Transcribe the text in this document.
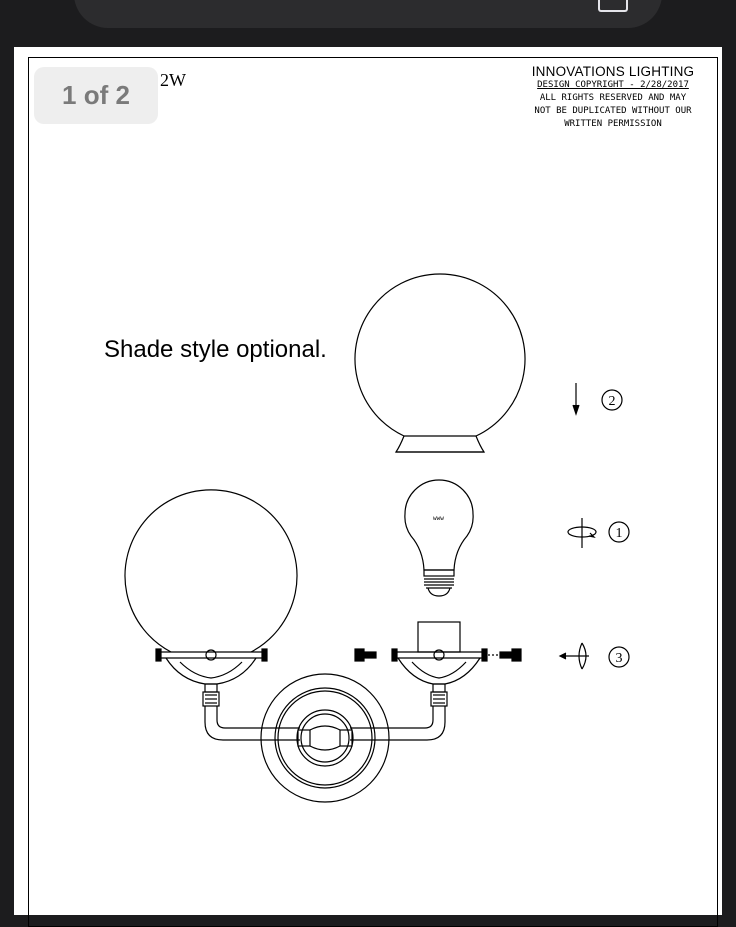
1 of 2	2W	INNOVATIONS LIGHTING
DESIGN COPYRIGHT - 2/28/2017
ALL RIGHTS RESERVED AND MAY
NOT BE DUPLICATED WITHOUT OUR
WRITTEN PERMISSION
Shade style optional.
www
2
1
3
